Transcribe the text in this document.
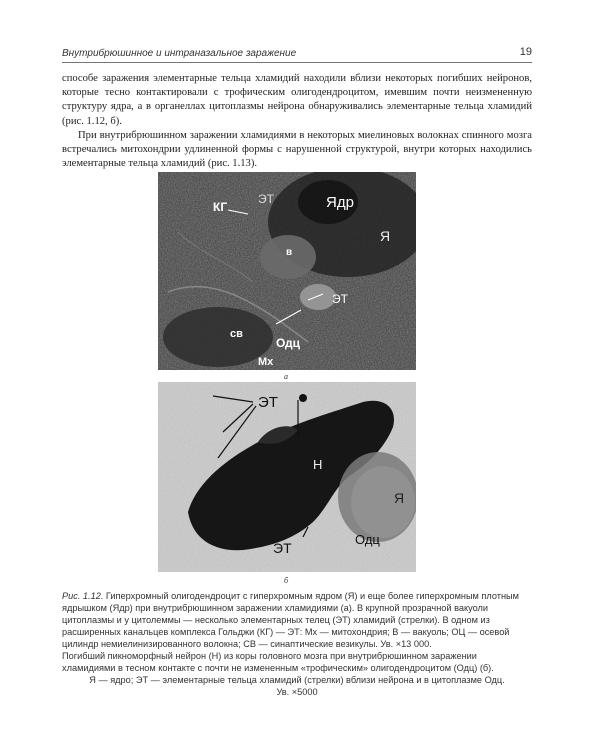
Внутрибрюшинное и интраназальное заражение	19

способе заражения элементарные тельца хламидий находили вблизи некоторых погибших нейронов, которые тесно контактировали с трофическим олигодендроцитом, имевшим почти неизмененную структуру ядра, а в органеллах цитоплазмы нейрона обнаруживались элементарные тельца хламидий (рис. 1.12, б).

При внутрибрюшинном заражении хламидиями в некоторых миелиновых волокнах спинного мозга встречались митохондрии удлиненной формы с нарушенной структурой, внутри которых находились элементарные тельца хламидий (рис. 1.13).

КГ
ЭТ	Ядр
Я
в
ЭТ
св
Одц
Мх
а
ЭТ
Н
Я
ЭТ
Одц
б

Рис. 1.12. Гиперхромный олигодендроцит с гиперхромным ядром (Я) и еще более гиперхромным плотным ядрышком (Ядр) при внутрибрюшинном заражении хламидиями (а). В крупной прозрачной вакуоли цитоплазмы и у цитолеммы — несколько элементарных телец (ЭТ) хламидий (стрелки). В одном из расширенных канальцев комплекса Гольджи (КГ) — ЭТ: Мх — митохондрия; В — вакуоль; ОЦ — осевой цилиндр немиелинизированного волокна; СВ — синаптические везикулы. Ув. ×13 000.

Погибший пикноморфный нейрон (Н) из коры головного мозга при внутрибрюшинном заражении хламидиями в тесном контакте с почти не измененным «трофическим» олигодендроцитом (Одц) (б).

Я — ядро; ЭТ — элементарные тельца хламидий (стрелки) вблизи нейрона и в цитоплазме Одц.

Ув. ×5000
